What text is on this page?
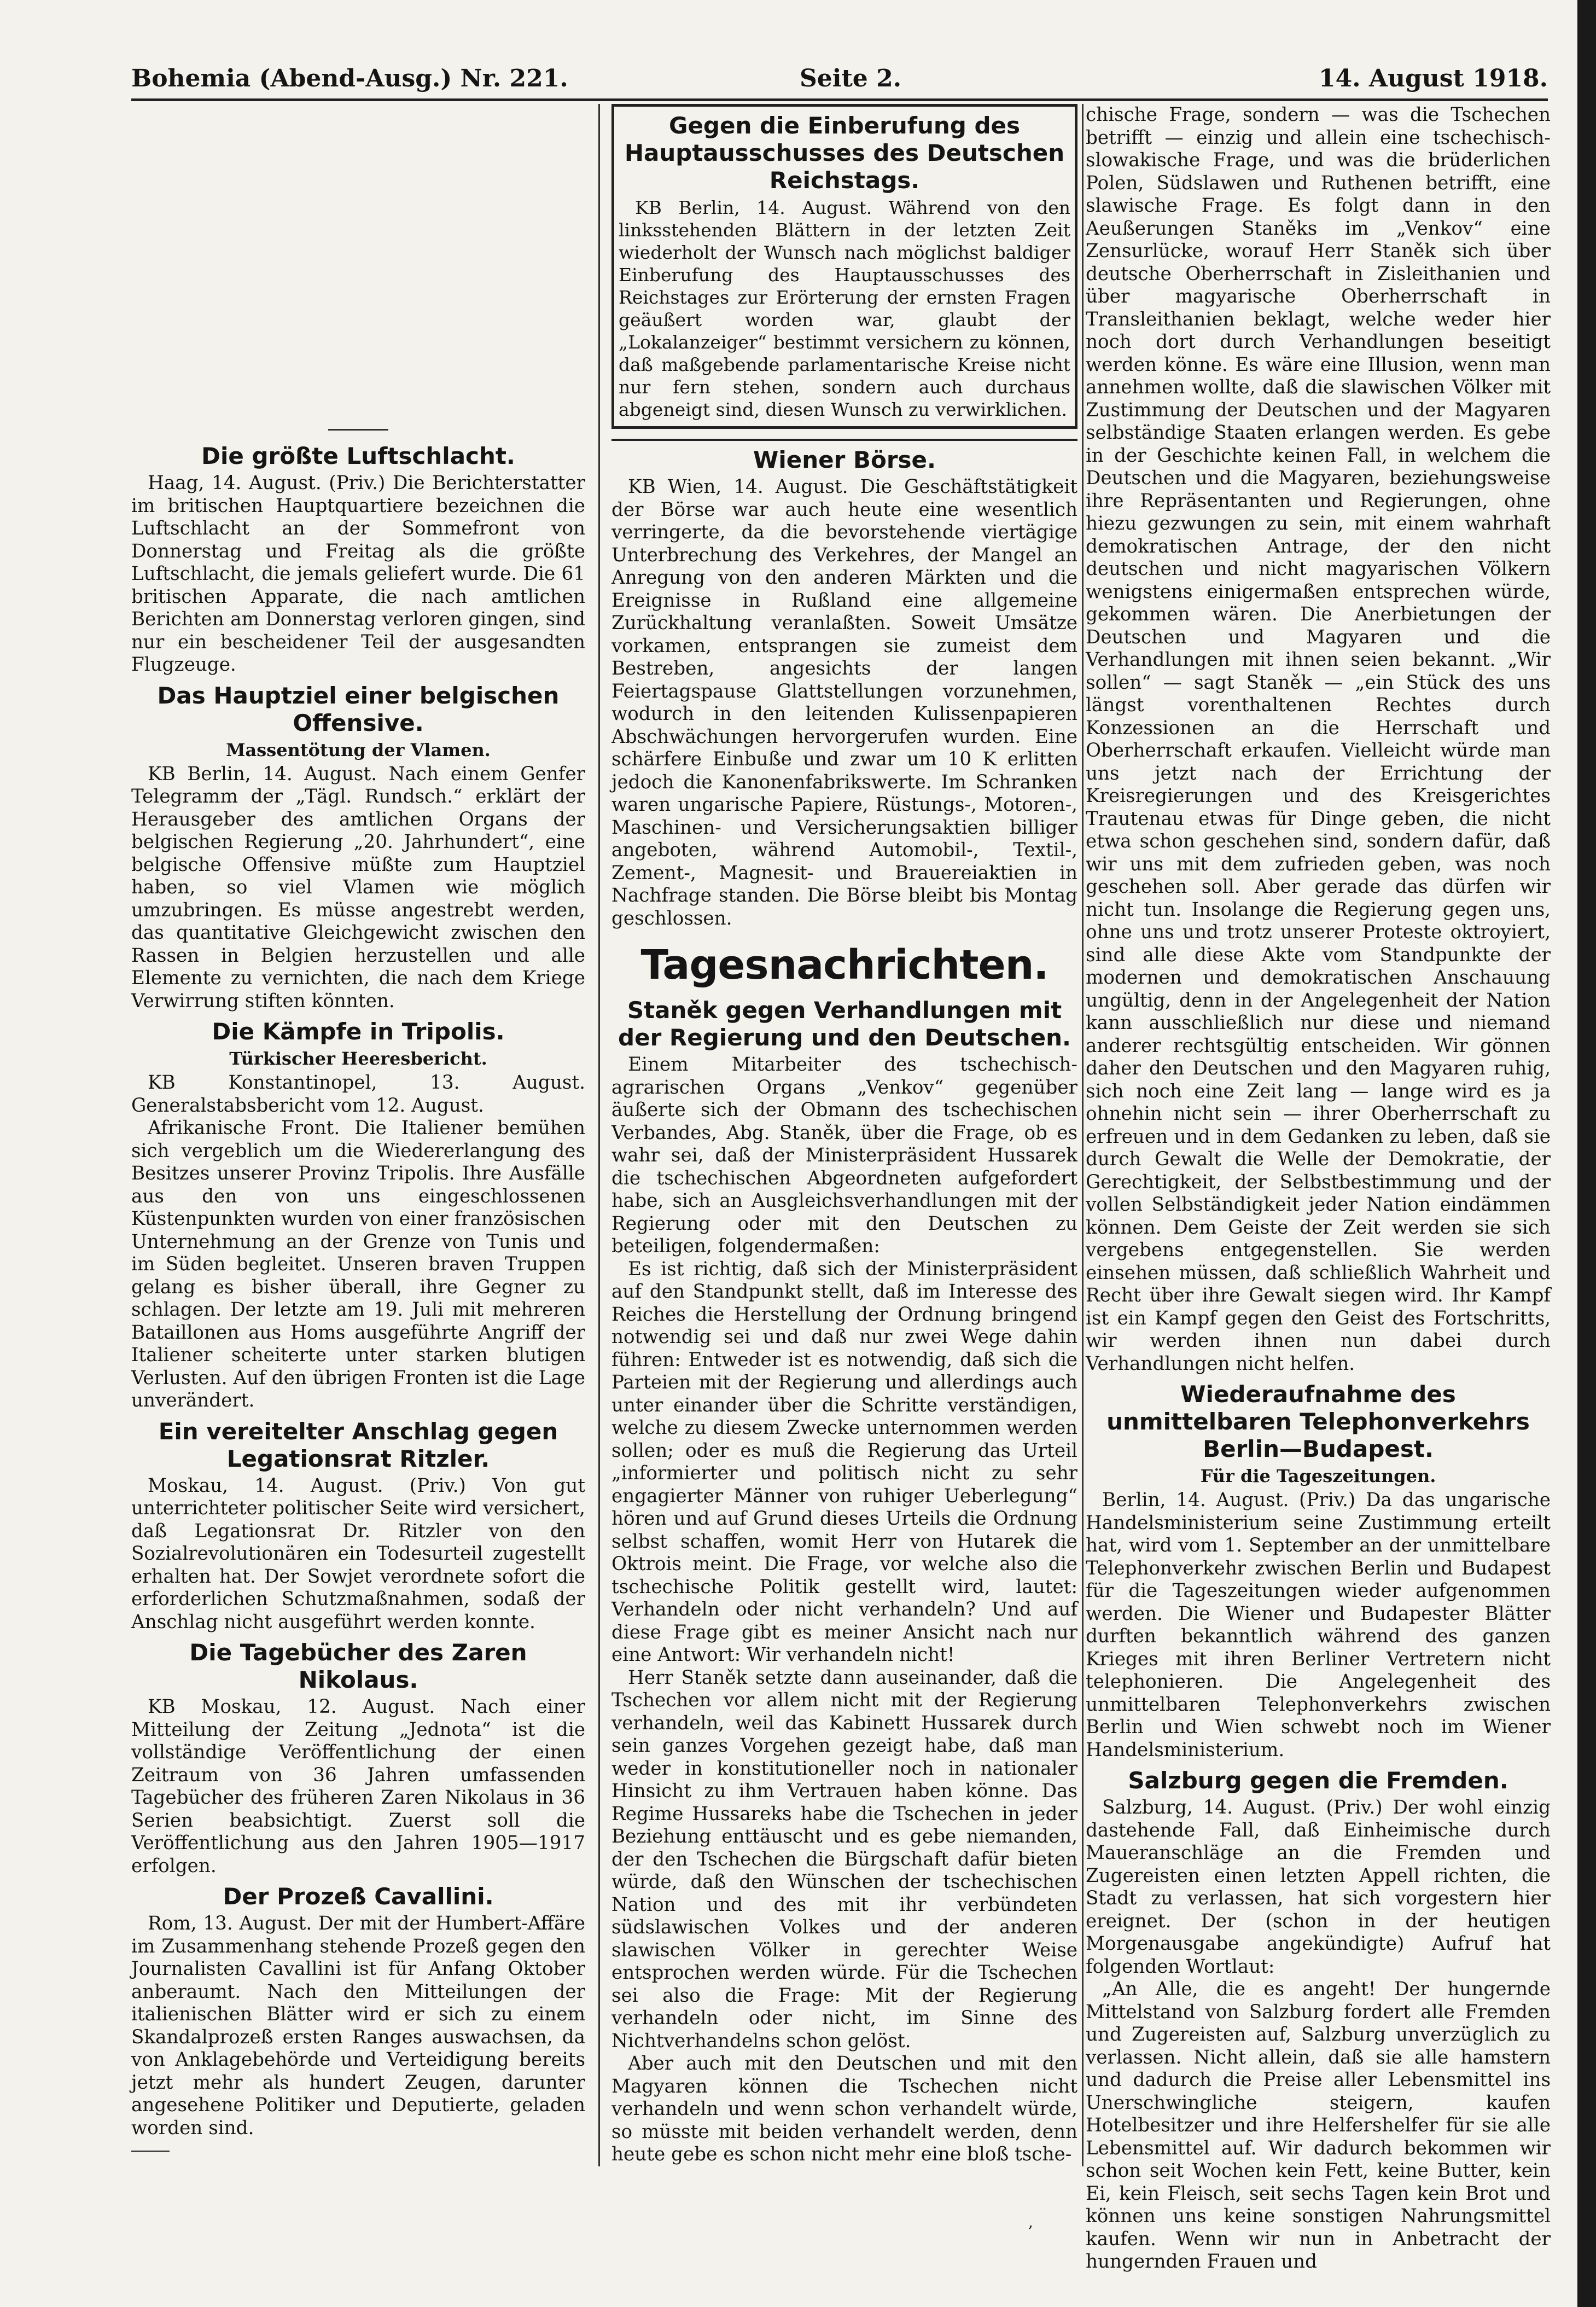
Bohemia (Abend-Ausg.) Nr. 221.	Seite 2.	14. August 1918.
Die größte Luftschlacht.

Haag, 14. August. (Priv.) Die Berichterstatter im britischen Hauptquartiere bezeichnen die Luftschlacht an der Sommefront von Donnerstag und Freitag als die größte Luftschlacht, die jemals geliefert wurde. Die 61 britischen Apparate, die nach amtlichen Berichten am Donnerstag verloren gingen, sind nur ein bescheidener Teil der ausgesandten Flugzeuge.

Das Hauptziel einer belgischen Offensive.
Massentötung der Vlamen.

KB Berlin, 14. August. Nach einem Genfer Telegramm der „Tägl. Rundsch.“ erklärt der Herausgeber des amtlichen Organs der belgischen Regierung „20. Jahrhundert“, eine belgische Offensive müßte zum Hauptziel haben, so viel Vlamen wie möglich umzubringen. Es müsse angestrebt werden, das quantitative Gleichgewicht zwischen den Rassen in Belgien herzustellen und alle Elemente zu vernichten, die nach dem Kriege Verwirrung stiften könnten.

Die Kämpfe in Tripolis.
Türkischer Heeresbericht.

KB Konstantinopel, 13. August. Generalstabsbericht vom 12. August.

Afrikanische Front. Die Italiener bemühen sich vergeblich um die Wiedererlangung des Besitzes unserer Provinz Tripolis. Ihre Ausfälle aus den von uns eingeschlossenen Küstenpunkten wurden von einer französischen Unternehmung an der Grenze von Tunis und im Süden begleitet. Unseren braven Truppen gelang es bisher überall, ihre Gegner zu schlagen. Der letzte am 19. Juli mit mehreren Bataillonen aus Homs ausgeführte Angriff der Italiener scheiterte unter starken blutigen Verlusten. Auf den übrigen Fronten ist die Lage unverändert.

Ein vereitelter Anschlag gegen Legationsrat Ritzler.

Moskau, 14. August. (Priv.) Von gut unterrichteter politischer Seite wird versichert, daß Legationsrat Dr. Ritzler von den Sozialrevolutionären ein Todesurteil zugestellt erhalten hat. Der Sowjet verordnete sofort die erforderlichen Schutzmaßnahmen, sodaß der Anschlag nicht ausgeführt werden konnte.

Die Tagebücher des Zaren Nikolaus.

KB Moskau, 12. August. Nach einer Mitteilung der Zeitung „Jednota“ ist die vollständige Veröffentlichung der einen Zeitraum von 36 Jahren umfassenden Tagebücher des früheren Zaren Nikolaus in 36 Serien beabsichtigt. Zuerst soll die Veröffentlichung aus den Jahren 1905—1917 erfolgen.

Der Prozeß Cavallini.

Rom, 13. August. Der mit der Humbert-Affäre im Zusammenhang stehende Prozeß gegen den Journalisten Cavallini ist für Anfang Oktober anberaumt. Nach den Mitteilungen der italienischen Blätter wird er sich zu einem Skandalprozeß ersten Ranges auswachsen, da von Anklagebehörde und Verteidigung bereits jetzt mehr als hundert Zeugen, darunter angesehene Politiker und Deputierte, geladen worden sind.

Gegen die Einberufung des Hauptausschusses des Deutschen Reichstags.

KB Berlin, 14. August. Während von den linksstehenden Blättern in der letzten Zeit wiederholt der Wunsch nach möglichst baldiger Einberufung des Hauptausschusses des Reichstages zur Erörterung der ernsten Fragen geäußert worden war, glaubt der „Lokalanzeiger“ bestimmt versichern zu können, daß maßgebende parlamentarische Kreise nicht nur fern stehen, sondern auch durchaus abgeneigt sind, diesen Wunsch zu verwirklichen.

Wiener Börse.

KB Wien, 14. August. Die Geschäftstätigkeit der Börse war auch heute eine wesentlich verringerte, da die bevorstehende viertägige Unterbrechung des Verkehres, der Mangel an Anregung von den anderen Märkten und die Ereignisse in Rußland eine allgemeine Zurückhaltung veranlaßten. Soweit Umsätze vorkamen, entsprangen sie zumeist dem Bestreben, angesichts der langen Feiertagspause Glattstellungen vorzunehmen, wodurch in den leitenden Kulissenpapieren Abschwächungen hervorgerufen wurden. Eine schärfere Einbuße und zwar um 10 K erlitten jedoch die Kanonenfabrikswerte. Im Schranken waren ungarische Papiere, Rüstungs-, Motoren-, Maschinen- und Versicherungsaktien billiger angeboten, während Automobil-, Textil-, Zement-, Magnesit- und Brauereiaktien in Nachfrage standen. Die Börse bleibt bis Montag geschlossen.

Tagesnachrichten.
Staněk gegen Verhandlungen mit der Regierung und den Deutschen.

Einem Mitarbeiter des tschechisch-agrarischen Organs „Venkov“ gegenüber äußerte sich der Obmann des tschechischen Verbandes, Abg. Staněk, über die Frage, ob es wahr sei, daß der Ministerpräsident Hussarek die tschechischen Abgeordneten aufgefordert habe, sich an Ausgleichsverhandlungen mit der Regierung oder mit den Deutschen zu beteiligen, folgendermaßen:

Es ist richtig, daß sich der Ministerpräsident auf den Standpunkt stellt, daß im Interesse des Reiches die Herstellung der Ordnung bringend notwendig sei und daß nur zwei Wege dahin führen: Entweder ist es notwendig, daß sich die Parteien mit der Regierung und allerdings auch unter einander über die Schritte verständigen, welche zu diesem Zwecke unternommen werden sollen; oder es muß die Regierung das Urteil „informierter und politisch nicht zu sehr engagierter Männer von ruhiger Ueberlegung“ hören und auf Grund dieses Urteils die Ordnung selbst schaffen, womit Herr von Hutarek die Oktrois meint. Die Frage, vor welche also die tschechische Politik gestellt wird, lautet: Verhandeln oder nicht verhandeln? Und auf diese Frage gibt es meiner Ansicht nach nur eine Antwort: Wir verhandeln nicht!

Herr Staněk setzte dann auseinander, daß die Tschechen vor allem nicht mit der Regierung verhandeln, weil das Kabinett Hussarek durch sein ganzes Vorgehen gezeigt habe, daß man weder in konstitutioneller noch in nationaler Hinsicht zu ihm Vertrauen haben könne. Das Regime Hussareks habe die Tschechen in jeder Beziehung enttäuscht und es gebe niemanden, der den Tschechen die Bürgschaft dafür bieten würde, daß den Wünschen der tschechischen Nation und des mit ihr verbündeten südslawischen Volkes und der anderen slawischen Völker in gerechter Weise entsprochen werden würde. Für die Tschechen sei also die Frage: Mit der Regierung verhandeln oder nicht, im Sinne des Nichtverhandelns schon gelöst.

Aber auch mit den Deutschen und mit den Magyaren können die Tschechen nicht verhandeln und wenn schon verhandelt würde, so müsste mit beiden verhandelt werden, denn heute gebe es schon nicht mehr eine bloß tsche-

chische Frage, sondern — was die Tschechen betrifft — einzig und allein eine tschechisch-slowakische Frage, und was die brüderlichen Polen, Südslawen und Ruthenen betrifft, eine slawische Frage. Es folgt dann in den Aeußerungen Staněks im „Venkov“ eine Zensurlücke, worauf Herr Staněk sich über deutsche Oberherrschaft in Zisleithanien und über magyarische Oberherrschaft in Transleithanien beklagt, welche weder hier noch dort durch Verhandlungen beseitigt werden könne. Es wäre eine Illusion, wenn man annehmen wollte, daß die slawischen Völker mit Zustimmung der Deutschen und der Magyaren selbständige Staaten erlangen werden. Es gebe in der Geschichte keinen Fall, in welchem die Deutschen und die Magyaren, beziehungsweise ihre Repräsentanten und Regierungen, ohne hiezu gezwungen zu sein, mit einem wahrhaft demokratischen Antrage, der den nicht deutschen und nicht magyarischen Völkern wenigstens einigermaßen entsprechen würde, gekommen wären. Die Anerbietungen der Deutschen und Magyaren und die Verhandlungen mit ihnen seien bekannt. „Wir sollen“ — sagt Staněk — „ein Stück des uns längst vorenthaltenen Rechtes durch Konzessionen an die Herrschaft und Oberherrschaft erkaufen. Vielleicht würde man uns jetzt nach der Errichtung der Kreisregierungen und des Kreisgerichtes Trautenau etwas für Dinge geben, die nicht etwa schon geschehen sind, sondern dafür, daß wir uns mit dem zufrieden geben, was noch geschehen soll. Aber gerade das dürfen wir nicht tun. Insolange die Regierung gegen uns, ohne uns und trotz unserer Proteste oktroyiert, sind alle diese Akte vom Standpunkte der modernen und demokratischen Anschauung ungültig, denn in der Angelegenheit der Nation kann ausschließlich nur diese und niemand anderer rechtsgültig entscheiden. Wir gönnen daher den Deutschen und den Magyaren ruhig, sich noch eine Zeit lang — lange wird es ja ohnehin nicht sein — ihrer Oberherrschaft zu erfreuen und in dem Gedanken zu leben, daß sie durch Gewalt die Welle der Demokratie, der Gerechtigkeit, der Selbstbestimmung und der vollen Selbständigkeit jeder Nation eindämmen können. Dem Geiste der Zeit werden sie sich vergebens entgegenstellen. Sie werden einsehen müssen, daß schließlich Wahrheit und Recht über ihre Gewalt siegen wird. Ihr Kampf ist ein Kampf gegen den Geist des Fortschritts, wir werden ihnen nun dabei durch Verhandlungen nicht helfen.

Wiederaufnahme des unmittelbaren Telephonverkehrs Berlin—Budapest.
Für die Tageszeitungen.

Berlin, 14. August. (Priv.) Da das ungarische Handelsministerium seine Zustimmung erteilt hat, wird vom 1. September an der unmittelbare Telephonverkehr zwischen Berlin und Budapest für die Tageszeitungen wieder aufgenommen werden. Die Wiener und Budapester Blätter durften bekanntlich während des ganzen Krieges mit ihren Berliner Vertretern nicht telephonieren. Die Angelegenheit des unmittelbaren Telephonverkehrs zwischen Berlin und Wien schwebt noch im Wiener Handelsministerium.

Salzburg gegen die Fremden.

Salzburg, 14. August. (Priv.) Der wohl einzig dastehende Fall, daß Einheimische durch Maueranschläge an die Fremden und Zugereisten einen letzten Appell richten, die Stadt zu verlassen, hat sich vorgestern hier ereignet. Der (schon in der heutigen Morgenausgabe angekündigte) Aufruf hat folgenden Wortlaut:

„An Alle, die es angeht! Der hungernde Mittelstand von Salzburg fordert alle Fremden und Zugereisten auf, Salzburg unverzüglich zu verlassen. Nicht allein, daß sie alle hamstern und dadurch die Preise aller Lebensmittel ins Unerschwingliche steigern, kaufen Hotelbesitzer und ihre Helfershelfer für sie alle Lebensmittel auf. Wir dadurch bekommen wir schon seit Wochen kein Fett, keine Butter, kein Ei, kein Fleisch, seit sechs Tagen kein Brot und können uns keine sonstigen Nahrungsmittel kaufen. Wenn wir nun in Anbetracht der hungernden Frauen und

,
